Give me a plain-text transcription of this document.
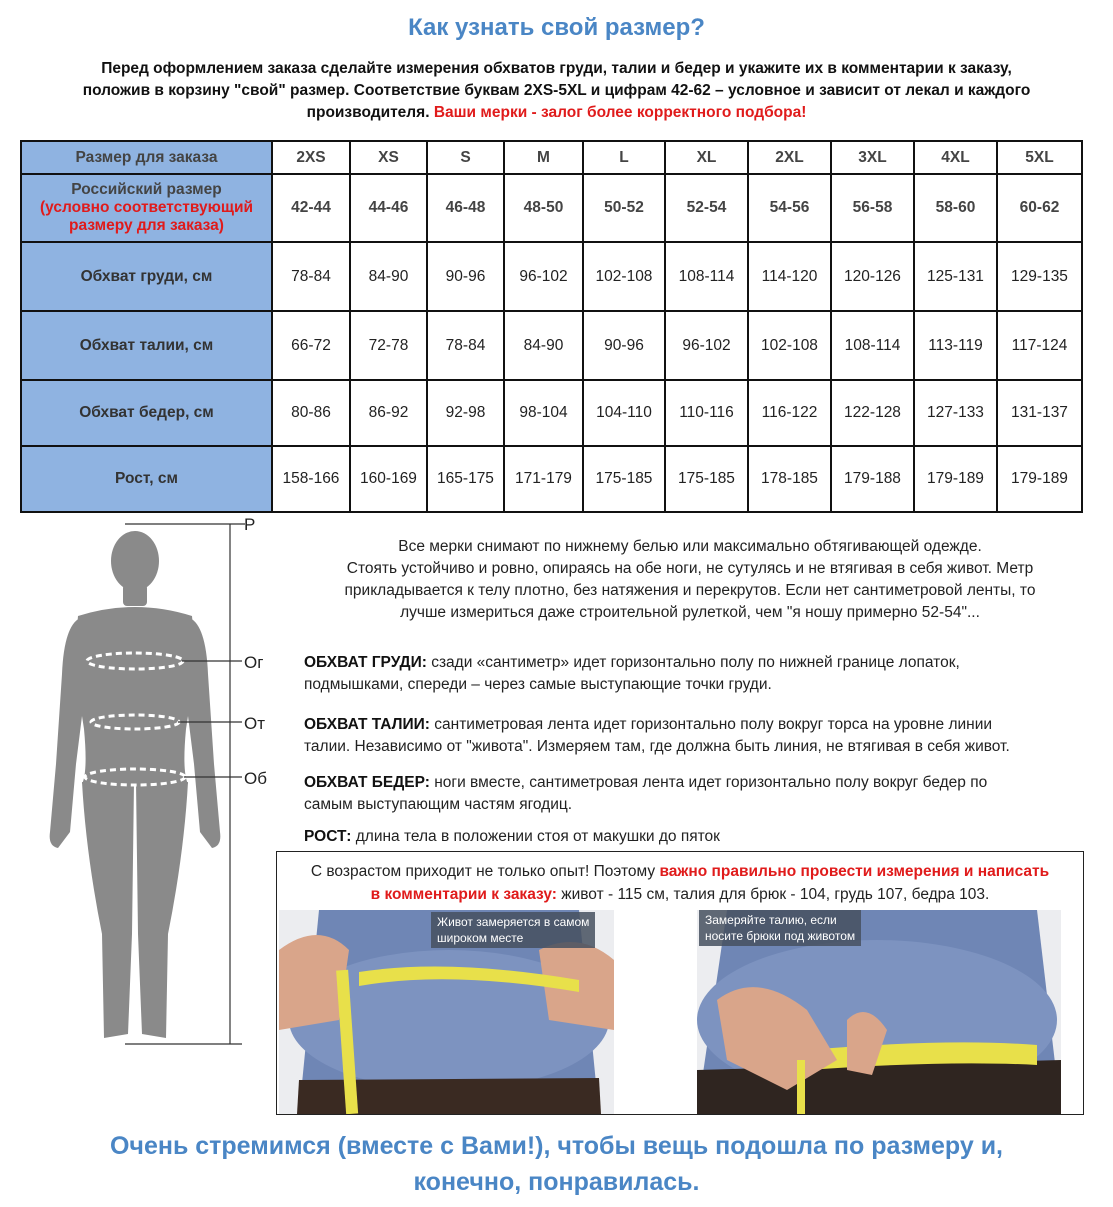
Как узнать свой размер?
Перед оформлением заказа сделайте измерения обхватов груди, талии и бедер и укажите их в комментарии к заказу,
положив в корзину "свой" размер. Соответствие буквам 2XS-5XL и цифрам 42-62 – условное и зависит от лекал и каждого
производителя. Ваши мерки - залог более корректного подбора!
Размер для заказа	2XS	XS	S	M	L	XL	2XL	3XL	4XL	5XL

Российский размер
(условно соответствующий размеру для заказа)	42-44	44-46	46-48	48-50	50-52	52-54	54-56	56-58	58-60	60-62
Обхват груди, см	78-84	84-90	90-96	96-102	102-108	108-114	114-120	120-126	125-131	129-135
Обхват талии, см	66-72	72-78	78-84	84-90	90-96	96-102	102-108	108-114	113-119	117-124
Обхват бедер, см	80-86	86-92	92-98	98-104	104-110	110-116	116-122	122-128	127-133	131-137
Рост, см	158-166	160-169	165-175	171-179	175-185	175-185	178-185	179-188	179-189	179-189
Р
Ог
От
Об
Все мерки снимают по нижнему белью или максимально обтягивающей одежде.
Стоять устойчиво и ровно, опираясь на обе ноги, не сутулясь и не втягивая в себя живот. Метр
прикладывается к телу плотно, без натяжения и перекрутов. Если нет сантиметровой ленты, то
лучше измериться даже строительной рулеткой, чем "я ношу примерно 52-54"...
ОБХВАТ ГРУДИ: сзади «сантиметр» идет горизонтально полу по нижней границе лопаток,
подмышками, спереди – через самые выступающие точки груди.
ОБХВАТ ТАЛИИ: сантиметровая лента идет горизонтально полу вокруг торса на уровне линии
талии. Независимо от "живота". Измеряем там, где должна быть линия, не втягивая в себя живот.
ОБХВАТ БЕДЕР: ноги вместе, сантиметровая лента идет горизонтально полу вокруг бедер по
самым выступающим частям ягодиц.
РОСТ: длина тела в положении стоя от макушки до пяток
С возрастом приходит не только опыт! Поэтому важно правильно провести измерения и написать
в комментарии к заказу: живот - 115 см, талия для брюк - 104, грудь 107, бедра 103.
Живот замеряется в самом
широком месте
Замеряйте талию, если
носите брюки под животом
Очень стремимся (вместе с Вами!), чтобы вещь подошла по размеру и,
конечно, понравилась.
